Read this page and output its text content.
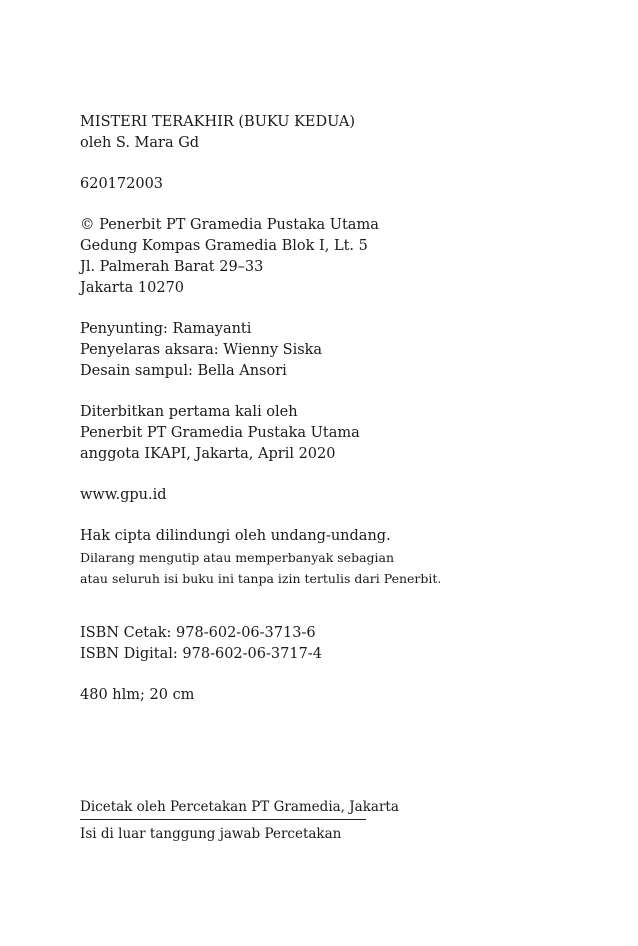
MISTERI TERAKHIR (BUKU KEDUA)
oleh S. Mara Gd
620172003
© Penerbit PT Gramedia Pustaka Utama
Gedung Kompas Gramedia Blok I, Lt. 5
Jl. Palmerah Barat 29–33
Jakarta 10270
Penyunting: Ramayanti
Penyelaras aksara: Wienny Siska
Desain sampul: Bella Ansori
Diterbitkan pertama kali oleh
Penerbit PT Gramedia Pustaka Utama
anggota IKAPI, Jakarta, April 2020
www.gpu.id
Hak cipta dilindungi oleh undang-undang.
Dilarang mengutip atau memperbanyak sebagian
atau seluruh isi buku ini tanpa izin tertulis dari Penerbit.
ISBN Cetak: 978-602-06-3713-6
ISBN Digital: 978-602-06-3717-4
480 hlm; 20 cm
Dicetak oleh Percetakan PT Gramedia, Jakarta
Isi di luar tanggung jawab Percetakan
